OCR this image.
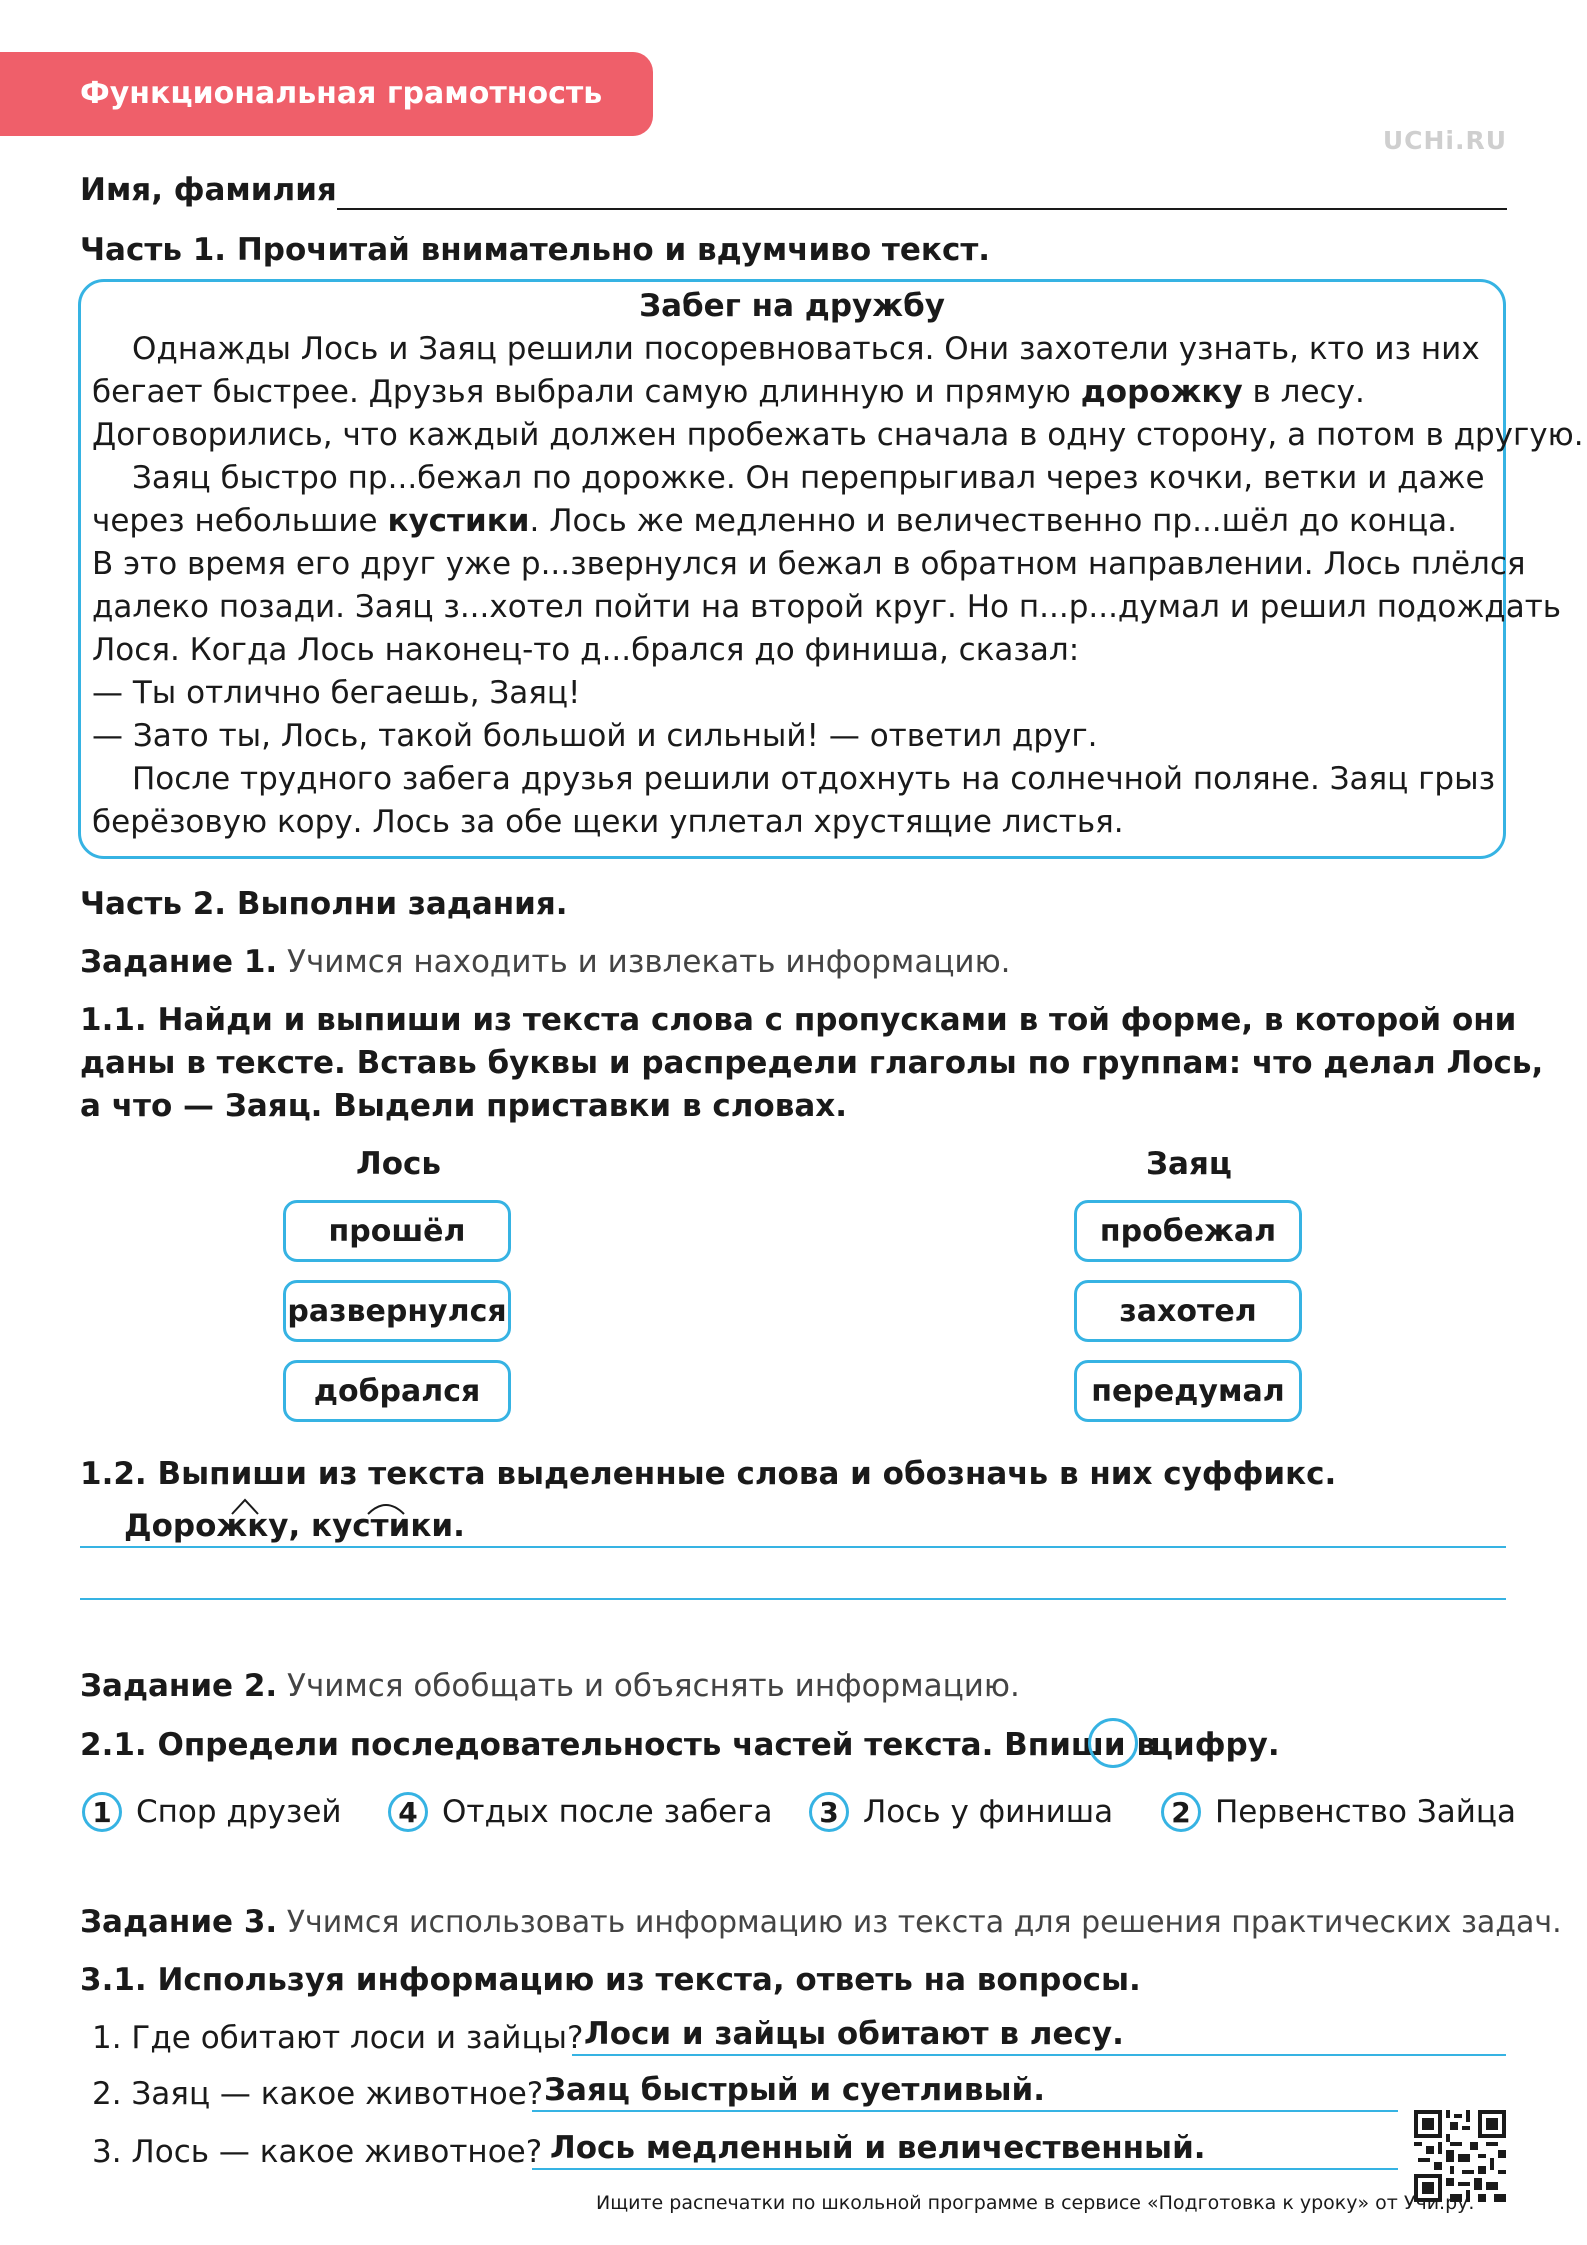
Функциональная грамотность
UCHi.RU
Имя, фамилия
Часть 1. Прочитай внимательно и вдумчиво текст.
Забег на дружбу
Однажды Лось и Заяц решили посоревноваться. Они захотели узнать, кто из них
бегает быстрее. Друзья выбрали самую длинную и прямую дорожку в лесу.
Договорились, что каждый должен пробежать сначала в одну сторону, а потом в другую.
Заяц быстро пр...бежал по дорожке. Он перепрыгивал через кочки, ветки и даже
через небольшие кустики. Лось же медленно и величественно пр...шёл до конца.
В это время его друг уже р...звернулся и бежал в обратном направлении. Лось плёлся
далеко позади. Заяц з...хотел пойти на второй круг. Но п...р...думал и решил подождать
Лося. Когда Лось наконец-то д...брался до финиша, сказал:
— Ты отлично бегаешь, Заяц!
— Зато ты, Лось, такой большой и сильный! — ответил друг.
После трудного забега друзья решили отдохнуть на солнечной поляне. Заяц грыз
берёзовую кору. Лось за обе щеки уплетал хрустящие листья.
Часть 2. Выполни задания.
Задание 1. Учимся находить и извлекать информацию.
1.1. Найди и выпиши из текста слова с пропусками в той форме, в которой они
даны в тексте. Вставь буквы и распредели глаголы по группам: что делал Лось,
а что — Заяц. Выдели приставки в словах.
Лось	Заяц
прошёл
развернулся
добрался
пробежал
захотел
передумал
1.2. Выпиши из текста выделенные слова и обозначь в них суффикс.
Дорожку, кустики.
Задание 2. Учимся обобщать и объяснять информацию.
2.1. Определи последовательность частей текста. Впиши в
цифру.
1 Спор друзей	4 Отдых после забега	3 Лось у финиша	2 Первенство Зайца
Задание 3. Учимся использовать информацию из текста для решения практических задач.
3.1. Используя информацию из текста, ответь на вопросы.
1. Где обитают лоси и зайцы? Лоси и зайцы обитают в лесу.
2. Заяц — какое животное? Заяц быстрый и суетливый.
3. Лось — какое животное? Лось медленный и величественный.
Ищите распечатки по школьной программе в сервисе «Подготовка к уроку» от Учи.ру.
